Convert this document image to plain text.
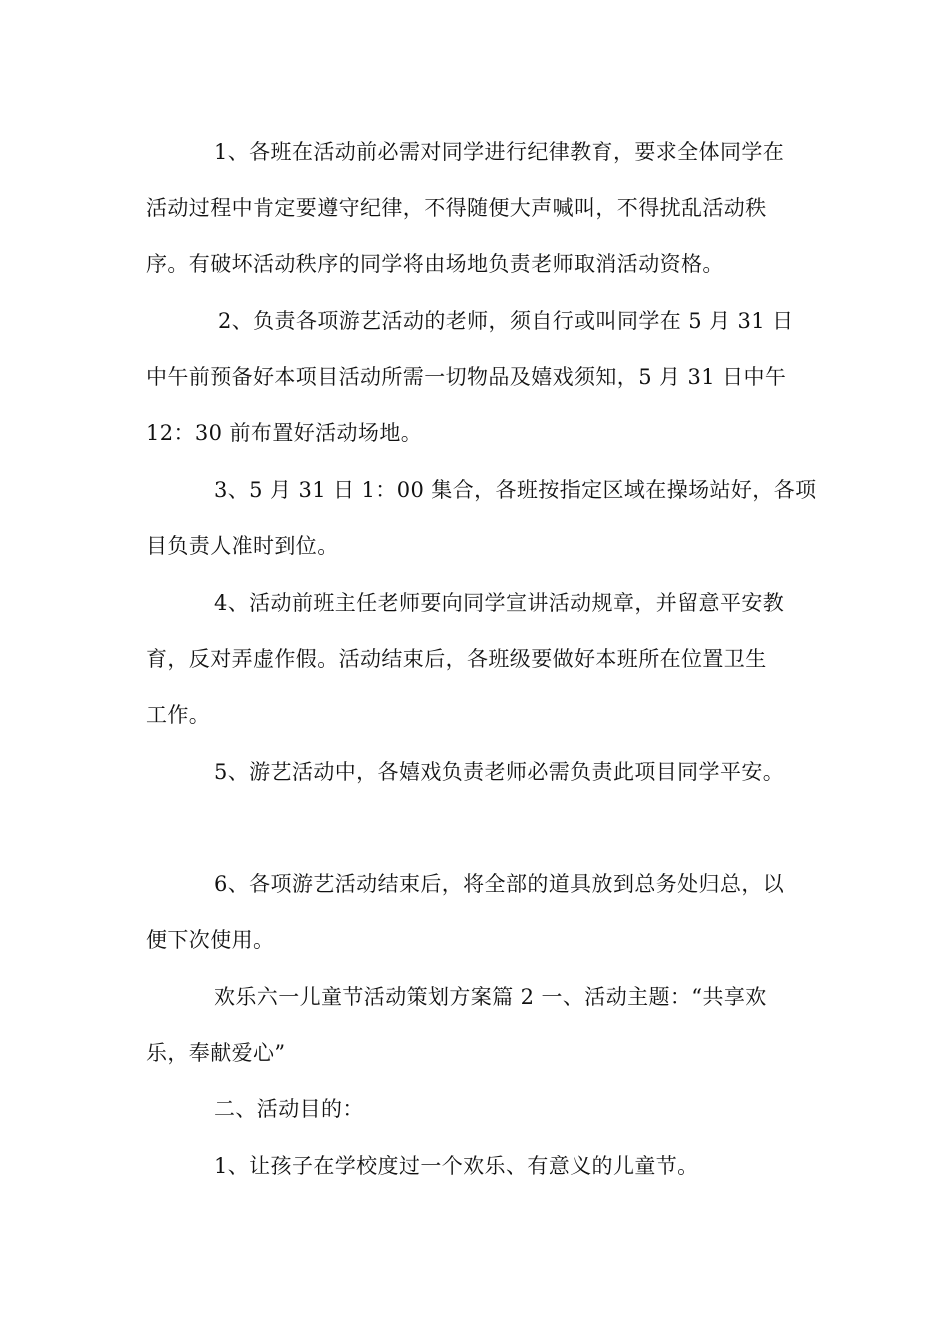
1、各班在活动前必需对同学进行纪律教育，要求全体同学在

活动过程中肯定要遵守纪律，不得随便大声喊叫，不得扰乱活动秩

序。有破坏活动秩序的同学将由场地负责老师取消活动资格。

2、负责各项游艺活动的老师，须自行或叫同学在 5 月 31 日

中午前预备好本项目活动所需一切物品及嬉戏须知，5 月 31 日中午

12：30 前布置好活动场地。

3、5 月 31 日 1：00 集合，各班按指定区域在操场站好，各项

目负责人准时到位。

4、活动前班主任老师要向同学宣讲活动规章，并留意平安教

育，反对弄虚作假。活动结束后，各班级要做好本班所在位置卫生

工作。

5、游艺活动中，各嬉戏负责老师必需负责此项目同学平安。

6、各项游艺活动结束后，将全部的道具放到总务处归总，以

便下次使用。

欢乐六一儿童节活动策划方案篇 2 一、活动主题：“共享欢

乐，奉献爱心”

二、活动目的：

1、让孩子在学校度过一个欢乐、有意义的儿童节。
